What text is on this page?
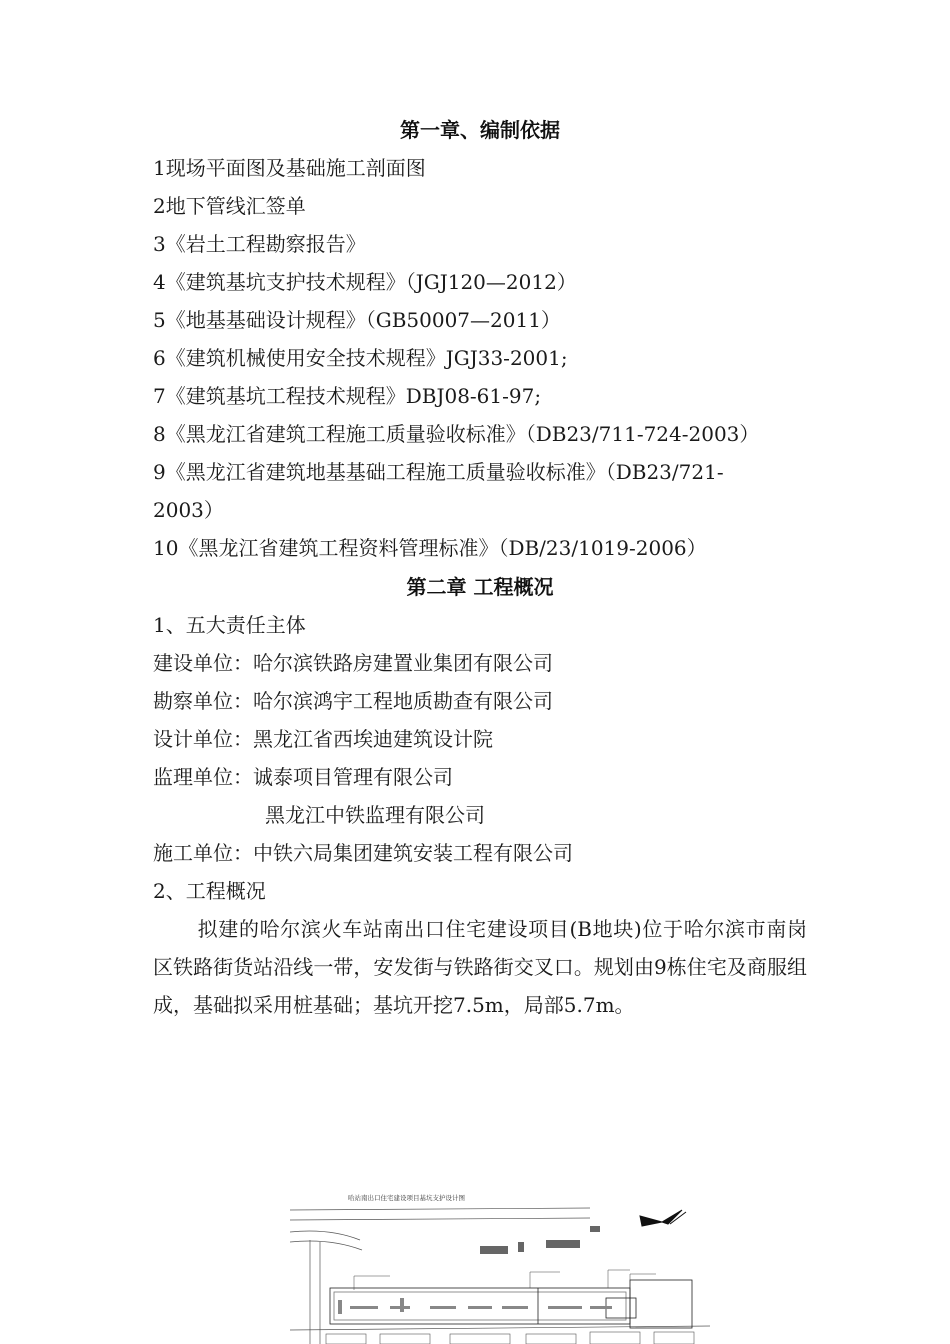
第一章、编制依据
1现场平面图及基础施工剖面图
2地下管线汇签单
3《岩土工程勘察报告》
4《建筑基坑支护技术规程》（JGJ120—2012）
5《地基基础设计规程》（GB50007—2011）
6《建筑机械使用安全技术规程》JGJ33-2001;
7《建筑基坑工程技术规程》DBJ08-61-97;
8《黑龙江省建筑工程施工质量验收标准》（DB23/711-724-2003）
9《黑龙江省建筑地基基础工程施工质量验收标准》（DB23/721-
2003）
10《黑龙江省建筑工程资料管理标准》（DB/23/1019-2006）
第二章 工程概况
1、五大责任主体
建设单位：哈尔滨铁路房建置业集团有限公司
勘察单位：哈尔滨鸿宇工程地质勘查有限公司
设计单位：黑龙江省西埃迪建筑设计院
监理单位：诚泰项目管理有限公司
黑龙江中铁监理有限公司
施工单位：中铁六局集团建筑安装工程有限公司
2、工程概况
拟建的哈尔滨火车站南出口住宅建设项目(B地块)位于哈尔滨市南岗区铁路街货站沿线一带，安发街与铁路街交叉口。规划由9栋住宅及商服组成，基础拟采用桩基础；基坑开挖7.5m，局部5.7m。
哈站南出口住宅建设项目基坑支护设计图
